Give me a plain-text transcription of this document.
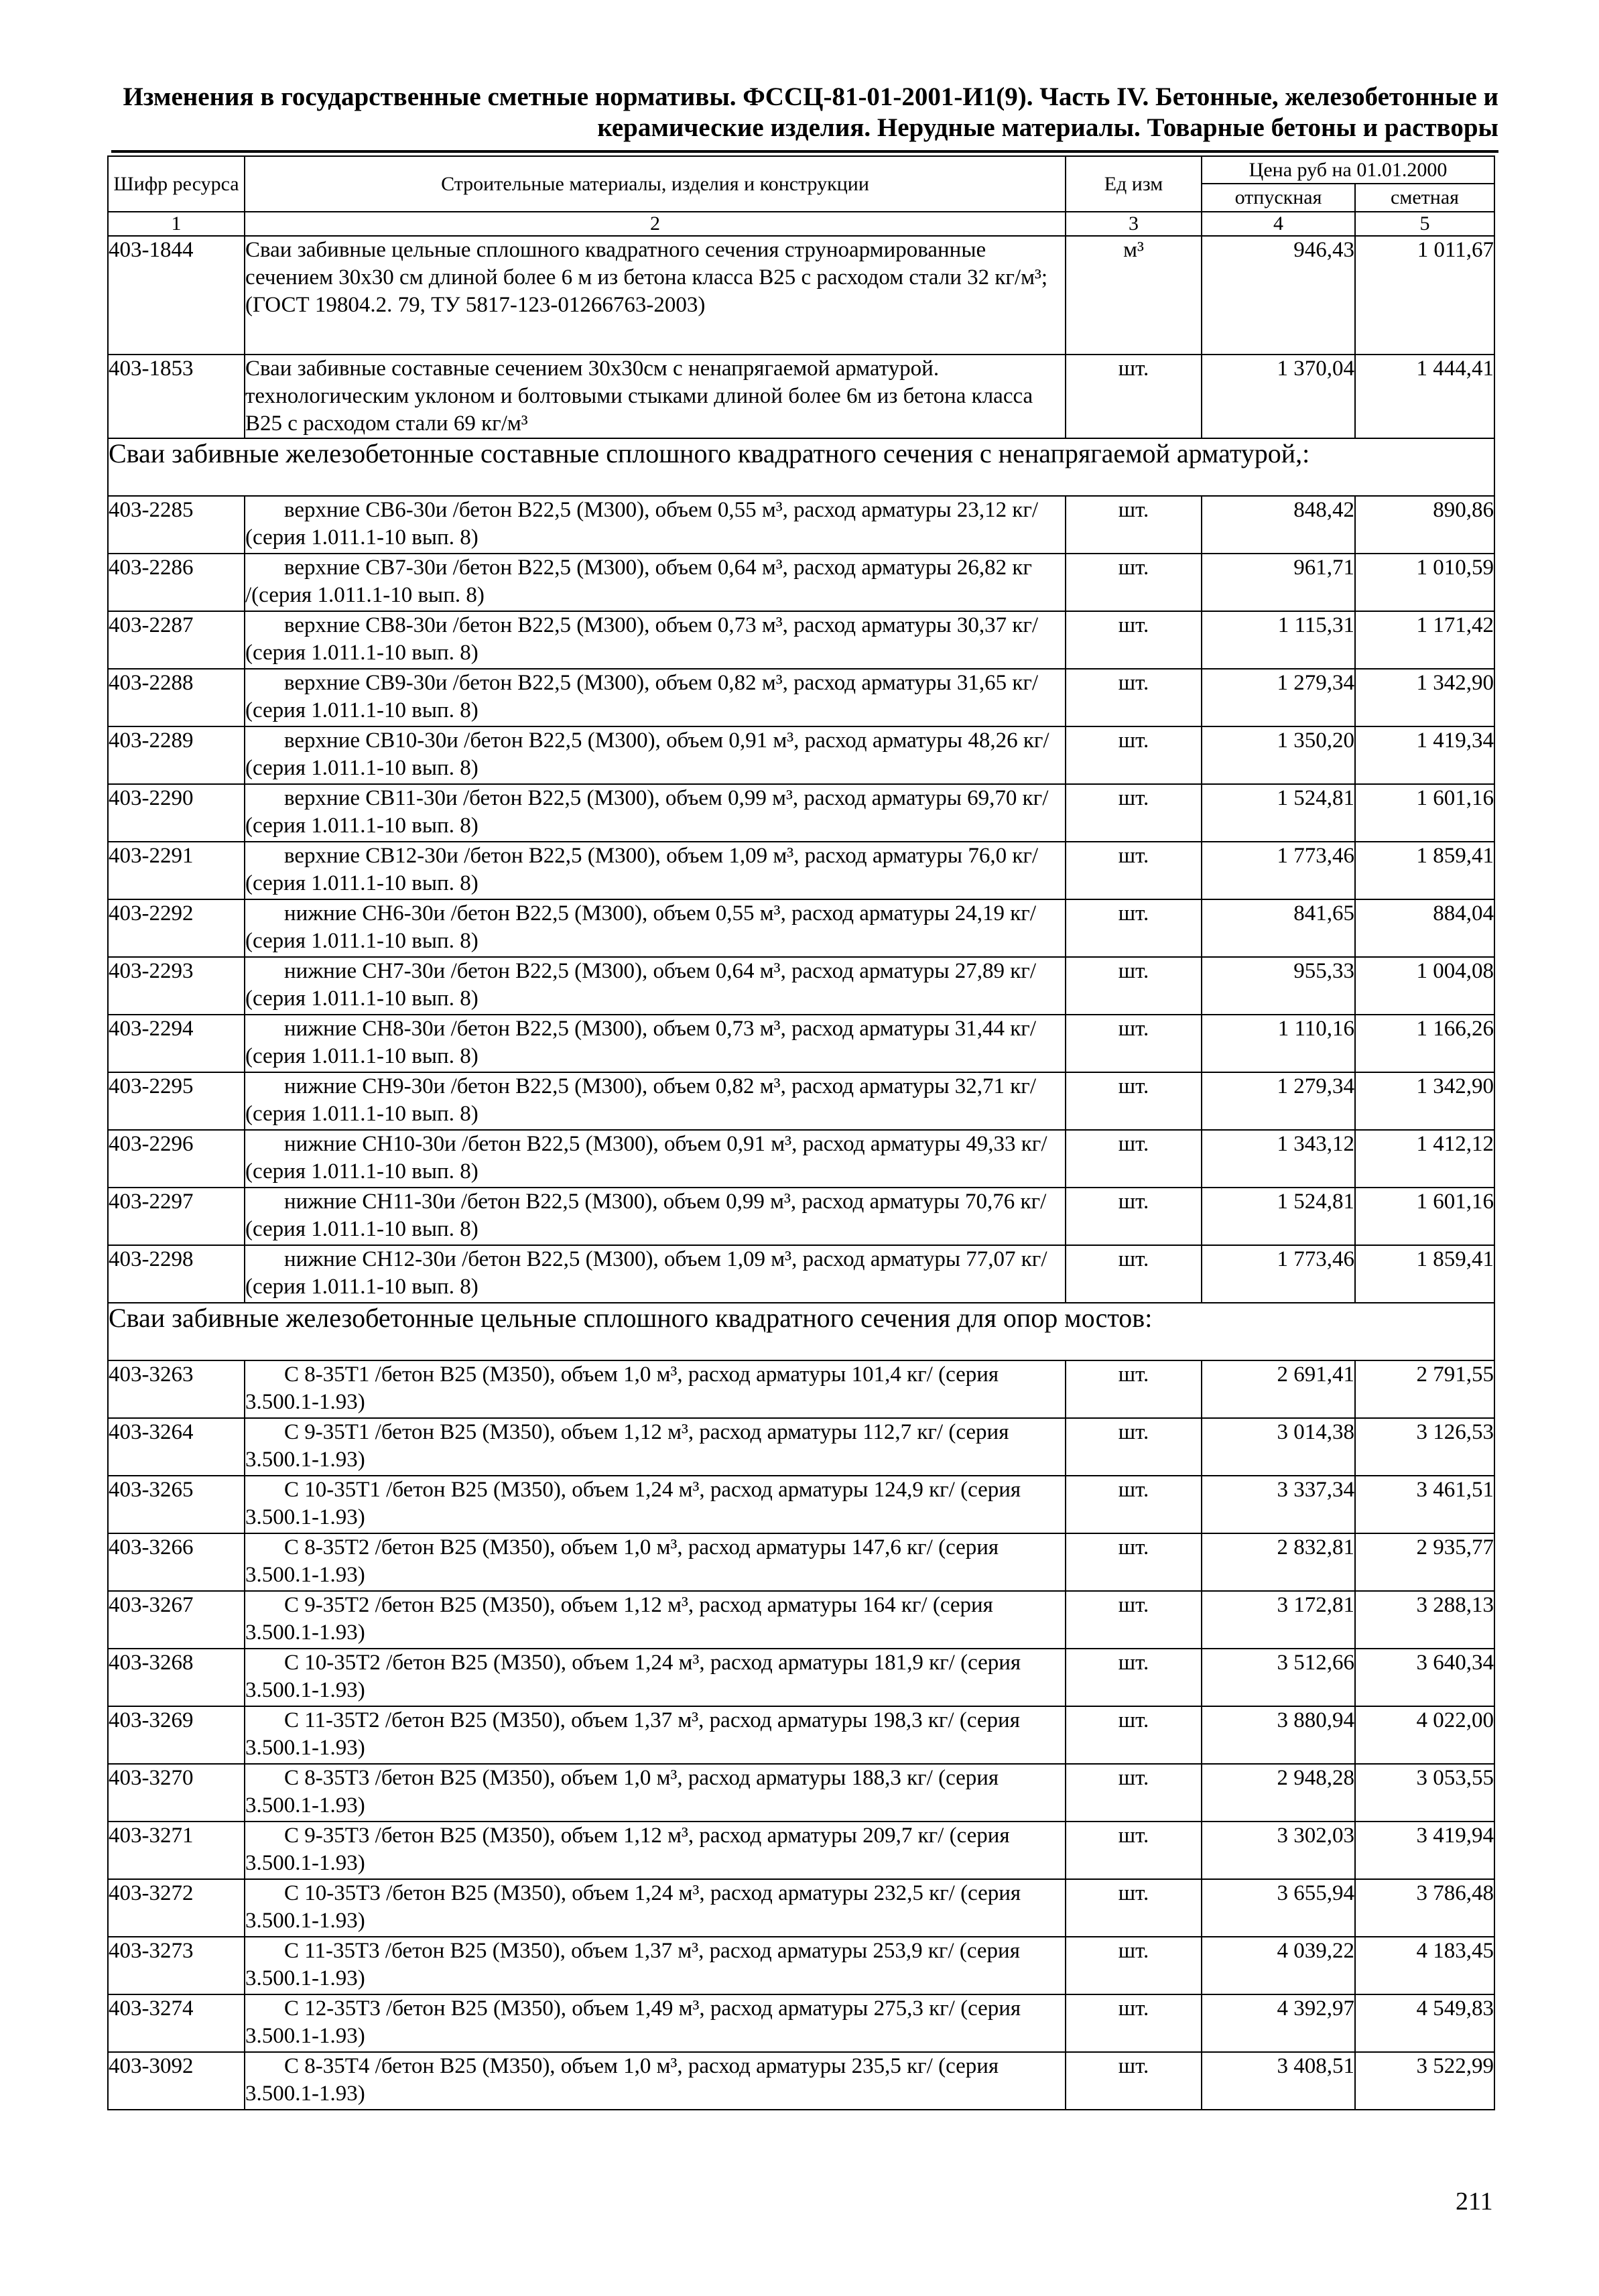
Изменения в государственные сметные нормативы. ФССЦ-81-01-2001-И1(9). Часть IV. Бетонные, железобетонные и
керамические изделия. Нерудные материалы. Товарные бетоны и растворы
Шифр ресурса	Строительные материалы, изделия и конструкции	Ед изм	Цена руб на 01.01.2000	
			отпускная	сметная
1	2	3	4	5
403-1844	Сваи забивные цельные сплошного квадратного сечения струноармированные сечением 30x30 см длиной более 6 м из бетона класса В25 с расходом стали 32 кг/м³; (ГОСТ 19804.2. 79, ТУ 5817-123-01266763-2003)	м³	946,43	1 011,67
403-1853	Сваи забивные составные сечением 30x30см с ненапрягаемой арматурой. технологическим уклоном и болтовыми стыками длиной более 6м из бетона класса В25 с расходом стали 69 кг/м³	шт.	1 370,04	1 444,41
Сваи забивные железобетонные составные сплошного квадратного сечения с ненапрягаемой арматурой,:				
403-2285	верхние СВ6-30и /бетон В22,5 (М300), объем 0,55 м³, расход арматуры 23,12 кг/ (серия 1.011.1-10 вып. 8)	шт.	848,42	890,86
403-2286	верхние СВ7-30и /бетон В22,5 (М300), объем 0,64 м³, расход арматуры 26,82 кг /(серия 1.011.1-10 вып. 8)	шт.	961,71	1 010,59
403-2287	верхние СВ8-30и /бетон В22,5 (М300), объем 0,73 м³, расход арматуры 30,37 кг/ (серия 1.011.1-10 вып. 8)	шт.	1 115,31	1 171,42
403-2288	верхние СВ9-30и /бетон В22,5 (М300), объем 0,82 м³, расход арматуры 31,65 кг/ (серия 1.011.1-10 вып. 8)	шт.	1 279,34	1 342,90
403-2289	верхние СВ10-30и /бетон В22,5 (М300), объем 0,91 м³, расход арматуры 48,26 кг/ (серия 1.011.1-10 вып. 8)	шт.	1 350,20	1 419,34
403-2290	верхние СВ11-30и /бетон В22,5 (М300), объем 0,99 м³, расход арматуры 69,70 кг/ (серия 1.011.1-10 вып. 8)	шт.	1 524,81	1 601,16
403-2291	верхние СВ12-30и /бетон В22,5 (М300), объем 1,09 м³, расход арматуры 76,0 кг/ (серия 1.011.1-10 вып. 8)	шт.	1 773,46	1 859,41
403-2292	нижние СН6-30и /бетон В22,5 (М300), объем 0,55 м³, расход арматуры 24,19 кг/ (серия 1.011.1-10 вып. 8)	шт.	841,65	884,04
403-2293	нижние СН7-30и /бетон В22,5 (М300), объем 0,64 м³, расход арматуры 27,89 кг/ (серия 1.011.1-10 вып. 8)	шт.	955,33	1 004,08
403-2294	нижние СН8-30и /бетон В22,5 (М300), объем 0,73 м³, расход арматуры 31,44 кг/ (серия 1.011.1-10 вып. 8)	шт.	1 110,16	1 166,26
403-2295	нижние СН9-30и /бетон В22,5 (М300), объем 0,82 м³, расход арматуры 32,71 кг/ (серия 1.011.1-10 вып. 8)	шт.	1 279,34	1 342,90
403-2296	нижние СН10-30и /бетон В22,5 (М300), объем 0,91 м³, расход арматуры 49,33 кг/ (серия 1.011.1-10 вып. 8)	шт.	1 343,12	1 412,12
403-2297	нижние СН11-30и /бетон В22,5 (М300), объем 0,99 м³, расход арматуры 70,76 кг/ (серия 1.011.1-10 вып. 8)	шт.	1 524,81	1 601,16
403-2298	нижние СН12-30и /бетон В22,5 (М300), объем 1,09 м³, расход арматуры 77,07 кг/ (серия 1.011.1-10 вып. 8)	шт.	1 773,46	1 859,41
Сваи забивные железобетонные цельные сплошного квадратного сечения для опор мостов:				
403-3263	С 8-35Т1 /бетон В25 (М350), объем 1,0 м³, расход арматуры 101,4 кг/ (серия 3.500.1-1.93)	шт.	2 691,41	2 791,55
403-3264	С 9-35Т1 /бетон В25 (М350), объем 1,12 м³, расход арматуры 112,7 кг/ (серия 3.500.1-1.93)	шт.	3 014,38	3 126,53
403-3265	С 10-35Т1 /бетон В25 (М350), объем 1,24 м³, расход арматуры 124,9 кг/ (серия 3.500.1-1.93)	шт.	3 337,34	3 461,51
403-3266	С 8-35Т2 /бетон В25 (М350), объем 1,0 м³, расход арматуры 147,6 кг/ (серия 3.500.1-1.93)	шт.	2 832,81	2 935,77
403-3267	С 9-35Т2 /бетон В25 (М350), объем 1,12 м³, расход арматуры 164 кг/ (серия 3.500.1-1.93)	шт.	3 172,81	3 288,13
403-3268	С 10-35Т2 /бетон В25 (М350), объем 1,24 м³, расход арматуры 181,9 кг/ (серия 3.500.1-1.93)	шт.	3 512,66	3 640,34
403-3269	С 11-35Т2 /бетон В25 (М350), объем 1,37 м³, расход арматуры 198,3 кг/ (серия 3.500.1-1.93)	шт.	3 880,94	4 022,00
403-3270	С 8-35Т3 /бетон В25 (М350), объем 1,0 м³, расход арматуры 188,3 кг/ (серия 3.500.1-1.93)	шт.	2 948,28	3 053,55
403-3271	С 9-35Т3 /бетон В25 (М350), объем 1,12 м³, расход арматуры 209,7 кг/ (серия 3.500.1-1.93)	шт.	3 302,03	3 419,94
403-3272	С 10-35Т3 /бетон В25 (М350), объем 1,24 м³, расход арматуры 232,5 кг/ (серия 3.500.1-1.93)	шт.	3 655,94	3 786,48
403-3273	С 11-35Т3 /бетон В25 (М350), объем 1,37 м³, расход арматуры 253,9 кг/ (серия 3.500.1-1.93)	шт.	4 039,22	4 183,45
403-3274	С 12-35Т3 /бетон В25 (М350), объем 1,49 м³, расход арматуры 275,3 кг/ (серия 3.500.1-1.93)	шт.	4 392,97	4 549,83
403-3092	С 8-35Т4 /бетон В25 (М350), объем 1,0 м³, расход арматуры 235,5 кг/ (серия 3.500.1-1.93)	шт.	3 408,51	3 522,99
211
